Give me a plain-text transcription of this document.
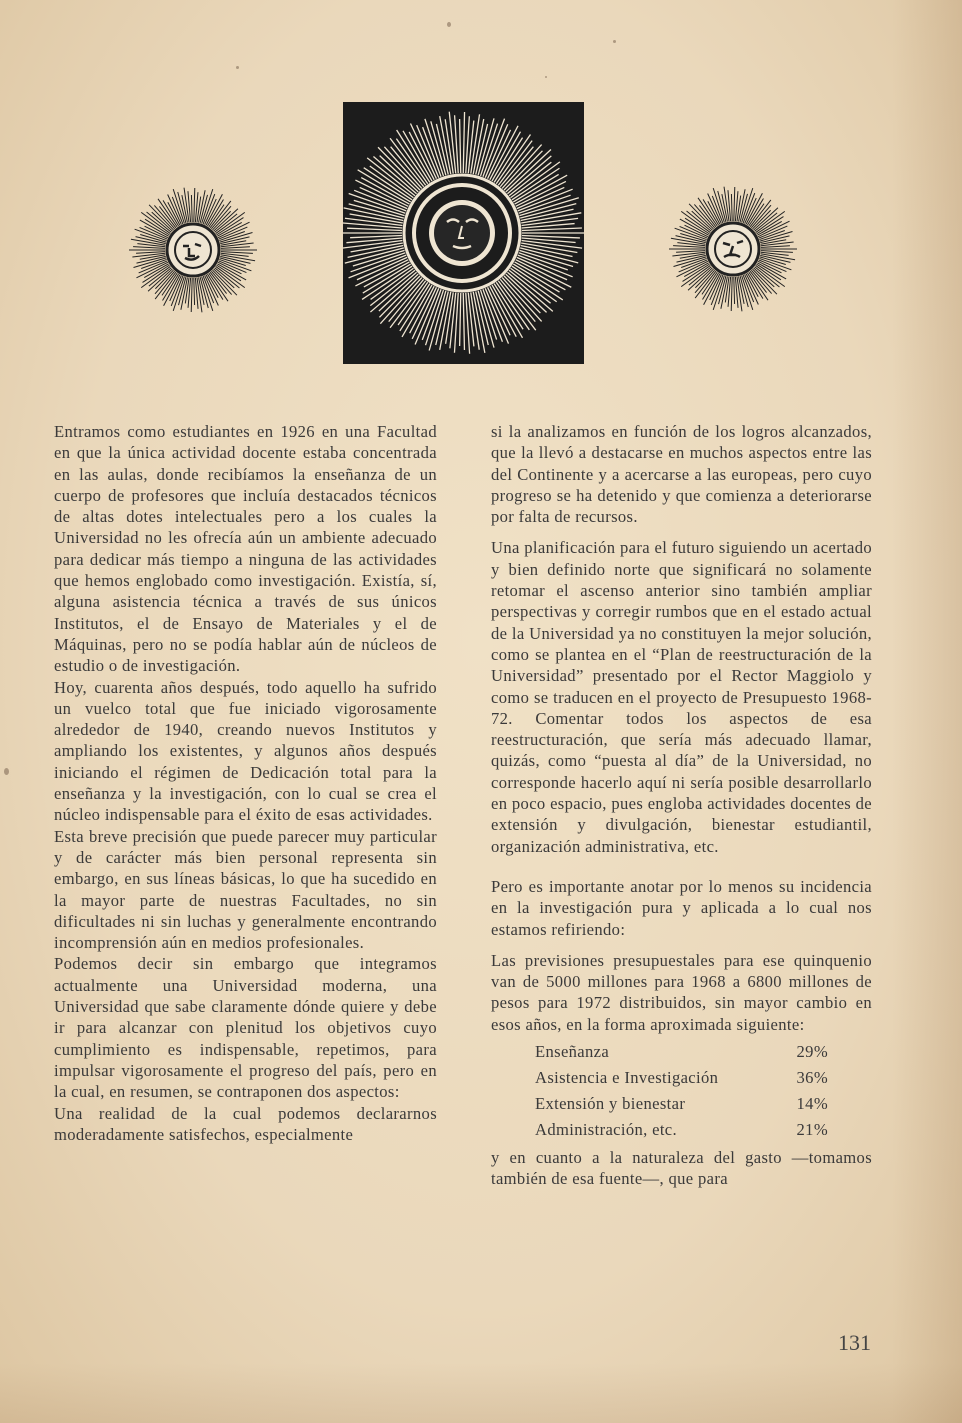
Entramos como estudiantes en 1926 en una Facultad en que la única actividad docente estaba concentrada en las aulas, donde recibíamos la enseñanza de un cuerpo de profesores que incluía destacados técnicos de altas dotes intelectuales pero a los cuales la Universidad no les ofrecía aún un ambiente adecuado para dedicar más tiempo a ninguna de las actividades que hemos englobado como investigación. Existía, sí, alguna asistencia técnica a través de sus únicos Institutos, el de Ensayo de Materiales y el de Máquinas, pero no se podía hablar aún de núcleos de estudio o de investigación.

Hoy, cuarenta años después, todo aquello ha sufrido un vuelco total que fue iniciado vigorosamente alrededor de 1940, creando nuevos Institutos y ampliando los existentes, y algunos años después iniciando el régimen de Dedicación total para la enseñanza y la investigación, con lo cual se crea el núcleo indispensable para el éxito de esas actividades.

Esta breve precisión que puede parecer muy particular y de carácter más bien personal representa sin embargo, en sus líneas básicas, lo que ha sucedido en la mayor parte de nuestras Facultades, no sin dificultades ni sin luchas y generalmente encontrando incomprensión aún en medios profesionales.

Podemos decir sin embargo que integramos actualmente una Universidad moderna, una Universidad que sabe claramente dónde quiere y debe ir para alcanzar con plenitud los objetivos cuyo cumplimiento es indispensable, repetimos, para impulsar vigorosamente el progreso del país, pero en la cual, en resumen, se contraponen dos aspectos:

Una realidad de la cual podemos declararnos moderadamente satisfechos, especialmente

si la analizamos en función de los logros alcanzados, que la llevó a destacarse en muchos aspectos entre las del Continente y a acercarse a las europeas, pero cuyo progreso se ha detenido y que comienza a deteriorarse por falta de recursos.

Una planificación para el futuro siguiendo un acertado y bien definido norte que significará no solamente retomar el ascenso anterior sino también ampliar perspectivas y corregir rumbos que en el estado actual de la Universidad ya no constituyen la mejor solución, como se plantea en el “Plan de reestructuración de la Universidad” presentado por el Rector Maggiolo y como se traducen en el proyecto de Presupuesto 1968-72. Comentar todos los aspectos de esa reestructuración, que sería más adecuado llamar, quizás, como “puesta al día” de la Universidad, no corresponde hacerlo aquí ni sería posible desarrollarlo en poco espacio, pues engloba actividades docentes de extensión y divulgación, bienestar estudiantil, organización administrativa, etc.

Pero es importante anotar por lo menos su incidencia en la investigación pura y aplicada a lo cual nos estamos refiriendo:

Las previsiones presupuestales para ese quinquenio van de 5000 millones para 1968 a 6800 millones de pesos para 1972 distribuidos, sin mayor cambio en esos años, en la forma aproximada siguiente:

Enseñanza	29%
Asistencia e Investigación	36%
Extensión y bienestar	14%
Administración, etc.	21%

y en cuanto a la naturaleza del gasto —tomamos también de esa fuente—, que para

131
